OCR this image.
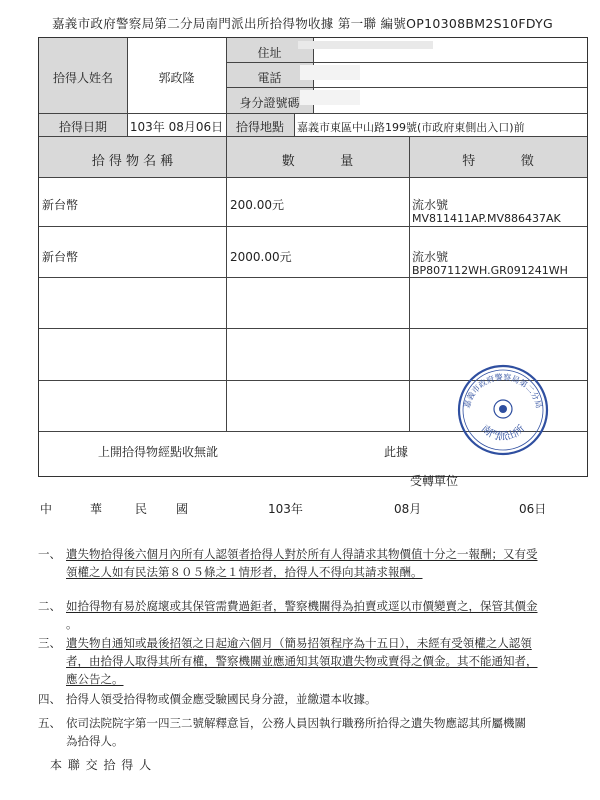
嘉義市政府警察局第二分局南門派出所拾得物收據 第一聯 編號OP10308BM2S10FDYG
拾得人姓名	郭政隆
住址
電話
身分證號碼
拾得日期	103年 08月06日	拾得地點	嘉義市東區中山路199號(市政府東側出入口)前
拾 得 物 名 稱	數           量	特           徵
新台幣	200.00元	流水號
MV811411AP.MV886437AK
新台幣	2000.00元	流水號
BP807112WH.GR091241WH
上開拾得物經點收無訛	此據
受轉單位
嘉義市政府警察局第二分局
南門派出所
中	華	民 國	103年	08月	06日
一、 遺失物拾得後六個月內所有人認領者拾得人對於所有人得請求其物價值十分之一報酬；又有受
領權之人如有民法第８０５條之１情形者，拾得人不得向其請求報酬。
二、 如拾得物有易於腐壞或其保管需費過鉅者，警察機關得為拍賣或逕以市價變賣之，保管其價金
。
三、 遺失物自通知或最後招領之日起逾六個月（簡易招領程序為十五日），未經有受領權之人認領
者，由拾得人取得其所有權，警察機關並應通知其領取遺失物或賣得之價金。其不能通知者，
應公告之。
四、 拾得人領受拾得物或價金應受驗國民身分證，並繳還本收據。
五、 依司法院院字第一四三二號解釋意旨，公務人員因執行職務所拾得之遺失物應認其所屬機關
為拾得人。
本 聯 交 拾 得 人
